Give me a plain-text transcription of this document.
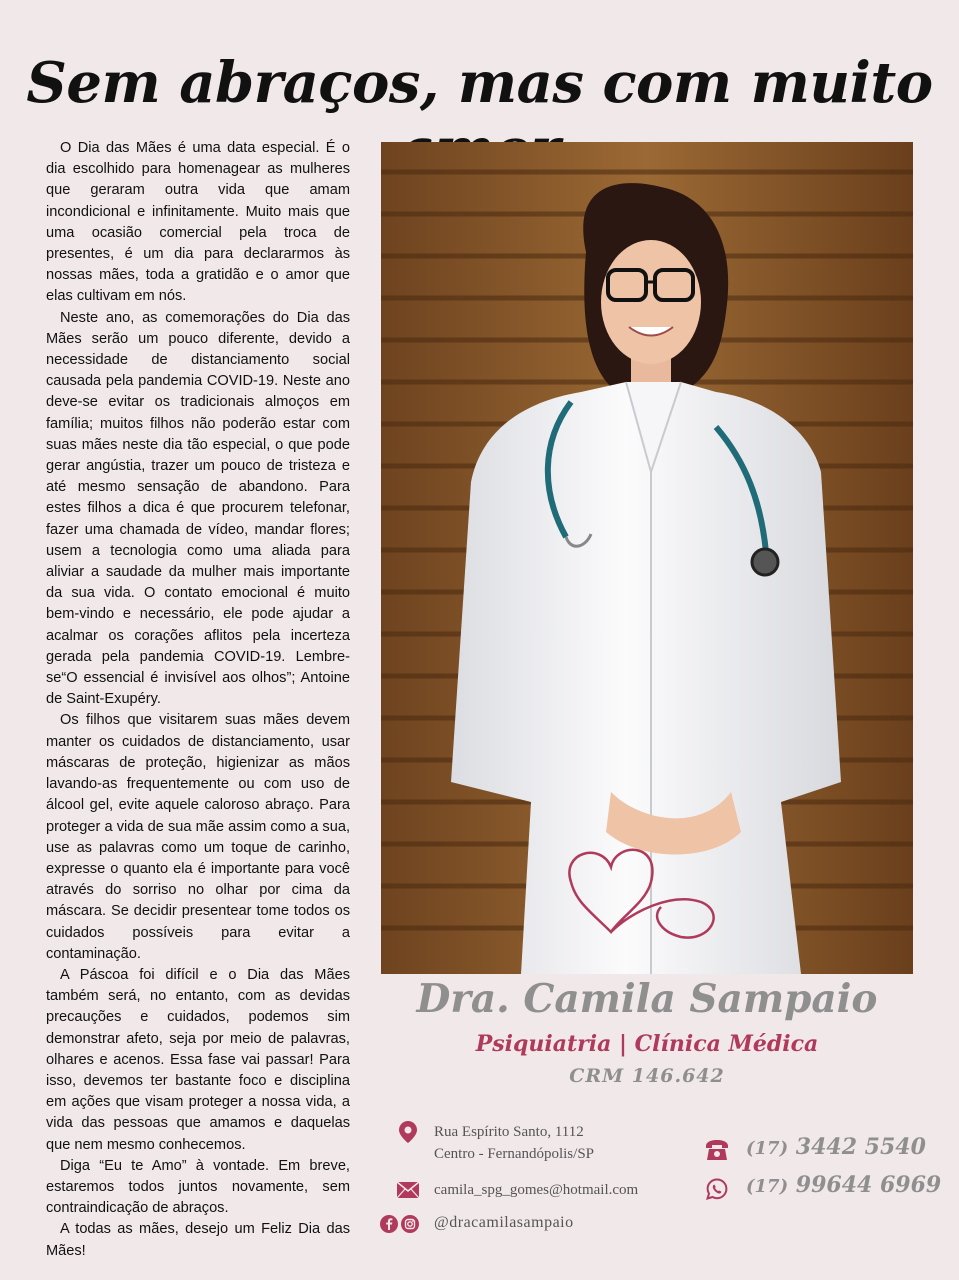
Sem abraços, mas com muito

O Dia das Mães é uma data especial. É o dia escolhido para homenagear as mulheres que geraram outra vida que amam incondicional e infinitamente. Muito mais que uma ocasião comercial pela troca de presentes, é um dia para declararmos às nossas mães, toda a gratidão e o amor que elas cultivam em nós.

Neste ano, as comemorações do Dia das Mães serão um pouco diferente, devido a necessidade de distanciamento social causada pela pandemia COVID-19. Neste ano deve-se evitar os tradicionais almoços em família; muitos filhos não poderão estar com suas mães neste dia tão especial, o que pode gerar angústia, trazer um pouco de tristeza e até mesmo sensação de abandono. Para estes filhos a dica é que procurem telefonar, fazer uma chamada de vídeo, mandar flores; usem a tecnologia como uma aliada para aliviar a saudade da mulher mais importante da sua vida. O contato emocional é muito bem-vindo e necessário, ele pode ajudar a acalmar os corações aflitos pela incerteza gerada pela pandemia COVID-19. Lembre-se“O essencial é invisível aos olhos”; Antoine de Saint-Exupéry.

Os filhos que visitarem suas mães devem manter os cuidados de distanciamento, usar máscaras de proteção, higienizar as mãos lavando-as frequentemente ou com uso de álcool gel, evite aquele caloroso abraço. Para proteger a vida de sua mãe assim como a sua, use as palavras como um toque de carinho, expresse o quanto ela é importante para você através do sorriso no olhar por cima da máscara. Se decidir presentear tome todos os cuidados possíveis para evitar a contaminação.

A Páscoa foi difícil e o Dia das Mães também será, no entanto, com as devidas precauções e cuidados, podemos sim demonstrar afeto, seja por meio de palavras, olhares e acenos. Essa fase vai passar! Para isso, devemos ter bastante foco e disciplina em ações que visam proteger a nossa vida, a vida das pessoas que amamos e daquelas que nem mesmo conhecemos.

Diga “Eu te Amo” à vontade. Em breve, estaremos todos juntos novamente, sem contraindicação de abraços.

A todas as mães, desejo um Feliz Dia das Mães!

Dra. Camila Sampaio
Psiquiatria | Clínica Médica
CRM 146.642
Rua Espírito Santo, 1112
Centro - Fernandópolis/SP
camila_spg_gomes@hotmail.com
@dracamilasampaio
(17) 3442 5540
(17) 99644 6969
